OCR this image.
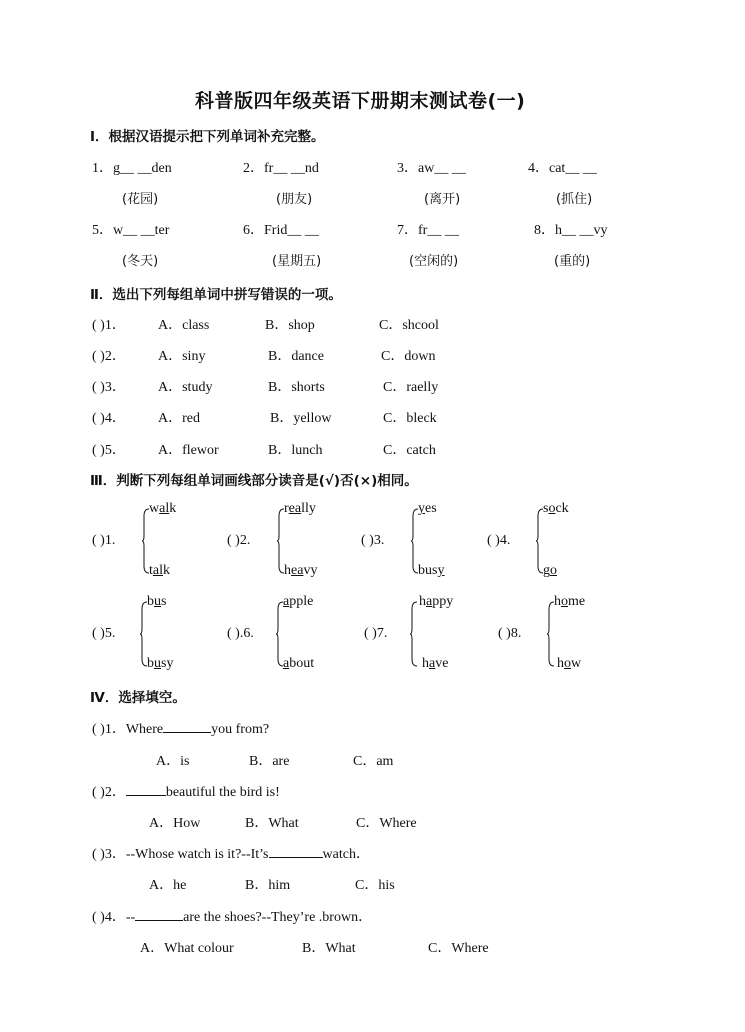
科普版四年级英语下册期末测试卷(一)
I．根据汉语提示把下列单词补充完整。
1．g__ __den	2．fr__ __nd	3．aw__ __	4．cat__ __
(花园)	(朋友)	(离开)	(抓住)
5．w__ __ter	6．Frid__ __	7．fr__ __	8．h__ __vy
(冬天)	(星期五)	(空闲的)	(重的)
Ⅱ．选出下列每组单词中拼写错误的一项。
( )1． A．class	B．shop	C．shcool
( )2． A．siny	B．dance	C．down
( )3． A．study	B．shorts	C．raelly
( )4． A．red	B．yellow	C．bleck
( )5． A．flewor	B．lunch	C．catch
Ⅲ．判断下列每组单词画线部分读音是(√)否(×)相同。
( )1.
walk
talk
( )2.
really
heavy
( )3.
yes
busy
( )4.
sock
go
( )5.
bus
busy
( ).6.
apple
about
( )7.
happy
have
( )8.
home
how
Ⅳ．选择填空。
( )1．Where	you from?
A．is	B．are	C．am
( )2．	beautiful the bird is!
A．How	B．What	C．Where
( )3．--Whose watch is it?--It’s	watch．
A．he	B．him	C．his
( )4．--	are the shoes?--They’re .brown．
A．What colour	B．What	C．Where
